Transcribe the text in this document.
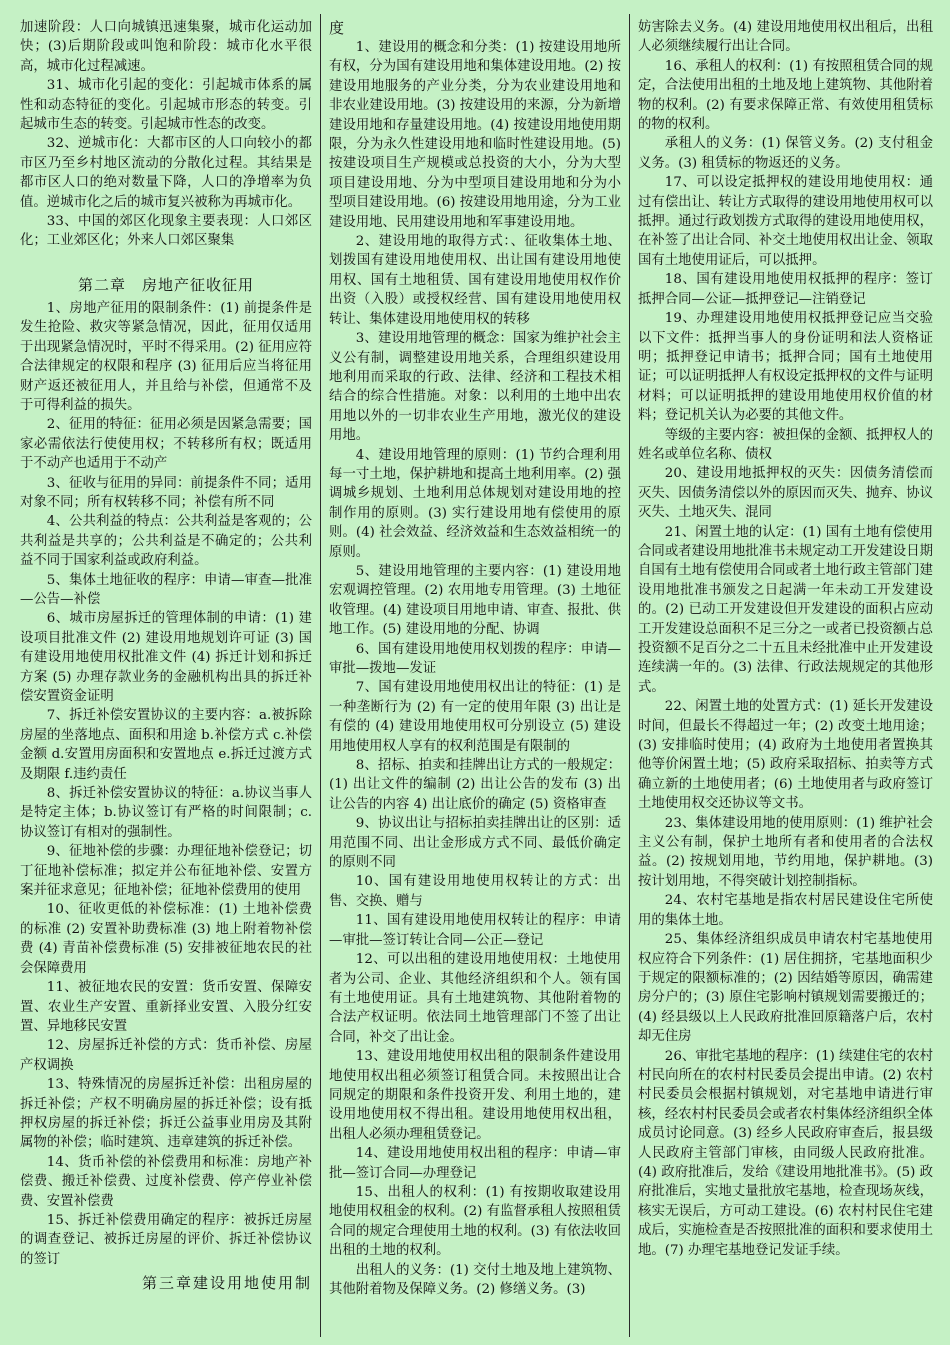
加速阶段：人口向城镇迅速集聚，城市化运动加快；(3)后期阶段或叫饱和阶段：城市化水平很高，城市化过程减速。

31、城市化引起的变化：引起城市体系的属性和动态特征的变化。引起城市形态的转变。引起城市生态的转变。引起城市性态的改变。

32、逆城市化：大都市区的人口向较小的都市区乃至乡村地区流动的分散化过程。其结果是都市区人口的绝对数量下降，人口的净增率为负值。逆城市化之后的城市复兴被称为再城市化。

33、中国的郊区化现象主要表现：人口郊区化；工业郊区化；外来人口郊区聚集

第二章　房地产征收征用

1、房地产征用的限制条件：(1) 前提条件是发生抢险、救灾等紧急情况，因此，征用仅适用于出现紧急情况时，平时不得采用。(2) 征用应符合法律规定的权限和程序 (3) 征用后应当将征用财产返还被征用人，并且给与补偿，但通常不及于可得利益的损失。

2、征用的特征：征用必须是因紧急需要；国家必需依法行使使用权；不转移所有权；既适用于不动产也适用于不动产

3、征收与征用的异同：前提条件不同；适用对象不同；所有权转移不同；补偿有所不同

4、公共利益的特点：公共利益是客观的；公共利益是共享的；公共利益是不确定的；公共利益不同于国家利益或政府利益。

5、集体土地征收的程序：申请—审查—批准—公告—补偿

6、城市房屋拆迁的管理体制的申请：(1) 建设项目批准文件 (2) 建设用地规划许可证 (3) 国有建设用地使用权批准文件 (4) 拆迁计划和拆迁方案 (5) 办理存款业务的金融机构出具的拆迁补偿安置资金证明

7、拆迁补偿安置协议的主要内容：a.被拆除房屋的坐落地点、面积和用途 b.补偿方式 c.补偿金额 d.安置用房面积和安置地点 e.拆迁过渡方式及期限 f.违约责任

8、拆迁补偿安置协议的特征：a.协议当事人是特定主体；b.协议签订有严格的时间限制；c.协议签订有相对的强制性。

9、征地补偿的步骤：办理征地补偿登记；切丁征地补偿标准；拟定并公布征地补偿、安置方案并征求意见；征地补偿；征地补偿费用的使用

10、征收更低的补偿标准：(1) 土地补偿费的标准 (2) 安置补助费标准 (3) 地上附着物补偿费 (4) 青苗补偿费标准 (5) 安排被征地农民的社会保障费用

11、被征地农民的安置：货币安置、保障安置、农业生产安置、重新择业安置、入股分红安置、异地移民安置

12、房屋拆迁补偿的方式：货币补偿、房屋产权调换

13、特殊情况的房屋拆迁补偿：出租房屋的拆迁补偿；产权不明确房屋的拆迁补偿；设有抵押权房屋的拆迁补偿；拆迁公益事业用房及其附属物的补偿；临时建筑、违章建筑的拆迁补偿。

14、货币补偿的补偿费用和标准：房地产补偿费、搬迁补偿费、过度补偿费、停产停业补偿费、安置补偿费

15、拆迁补偿费用确定的程序：被拆迁房屋的调查登记、被拆迁房屋的评价、拆迁补偿协议的签订

第三章建设用地使用制
度

1、建设用的概念和分类：(1) 按建设用地所有权，分为国有建设用地和集体建设用地。(2) 按建设用地服务的产业分类，分为农业建设用地和非农业建设用地。(3) 按建设用的来源，分为新增建设用地和存量建设用地。(4) 按建设用地使用期限，分为永久性建设用地和临时性建设用地。(5) 按建设项目生产规模或总投资的大小，分为大型项目建设用地、分为中型项目建设用地和分为小型项目建设用地。(6) 按建设用地用途，分为工业建设用地、民用建设用地和军事建设用地。

2、建设用地的取得方式：、征收集体土地、划拨国有建设用地使用权、出让国有建设用地使用权、国有土地租赁、国有建设用地使用权作价出资（入股）或授权经营、国有建设用地使用权转让、集体建设用地使用权的转移

3、建设用地管理的概念：国家为维护社会主义公有制，调整建设用地关系，合理组织建设用地利用而采取的行政、法律、经济和工程技术相结合的综合性措施。对象：以利用的土地中出农用地以外的一切非农业生产用地，激光仪的建设用地。

4、建设用地管理的原则：(1) 节约合理利用每一寸土地，保护耕地和提高土地利用率。(2) 强调城乡规划、土地利用总体规划对建设用地的控制作用的原则。(3) 实行建设用地有偿使用的原则。(4) 社会效益、经济效益和生态效益相统一的原则。

5、建设用地管理的主要内容：(1) 建设用地宏观调控管理。(2) 农用地专用管理。(3) 土地征收管理。(4) 建设项目用地申请、审查、报批、供地工作。(5) 建设用地的分配、协调

6、国有建设用地使用权划拨的程序：申请—审批—拨地—发证

7、国有建设用地使用权出让的特征：(1) 是一种垄断行为 (2) 有一定的使用年限 (3) 出让是有偿的 (4) 建设用地使用权可分别设立 (5) 建设用地使用权人享有的权利范围是有限制的

8、招标、拍卖和挂牌出让方式的一般规定：(1) 出让文件的编制 (2) 出让公告的发布 (3) 出让公告的内容 4) 出让底价的确定 (5) 资格审查

9、协议出让与招标拍卖挂牌出让的区别：适用范围不同、出让金形成方式不同、最低价确定的原则不同

10、国有建设用地使用权转让的方式：出售、交换、赠与

11、国有建设用地使用权转让的程序：申请—审批—签订转让合同—公正—登记

12、可以出租的建设用地使用权：土地使用者为公司、企业、其他经济组织和个人。领有国有土地使用证。具有土地建筑物、其他附着物的合法产权证明。依法同土地管理部门不签了出让合同，补交了出让金。

13、建设用地使用权出租的限制条件建设用地使用权出租必须签订租赁合同。未按照出让合同规定的期限和条件投资开发、利用土地的，建设用地使用权不得出租。建设用地使用权出租，出租人必须办理租赁登记。

14、建设用地使用权出租的程序：申请—审批—签订合同—办理登记

15、出租人的权利：(1) 有按期收取建设用地使用权租金的权利。(2) 有监督承租人按照租赁合同的规定合理使用土地的权利。(3) 有依法收回出租的土地的权利。

出租人的义务：(1) 交付土地及地上建筑物、其他附着物及保障义务。(2) 修缮义务。(3)

妨害除去义务。(4) 建设用地使用权出租后，出租人必须继续履行出让合同。

16、承租人的权利：(1) 有按照租赁合同的规定，合法使用出租的土地及地上建筑物、其他附着物的权利。(2) 有要求保障正常、有效使用租赁标的物的权利。

承租人的义务：(1) 保管义务。(2) 支付租金义务。(3) 租赁标的物返还的义务。

17、可以设定抵押权的建设用地使用权：通过有偿出让、转让方式取得的建设用地使用权可以抵押。通过行政划拨方式取得的建设用地使用权，在补签了出让合同、补交土地使用权出让金、领取国有土地使用证后，可以抵押。

18、国有建设用地使用权抵押的程序：签订抵押合同—公证—抵押登记—注销登记

19、办理建设用地使用权抵押登记应当交验以下文件：抵押当事人的身份证明和法人资格证明；抵押登记申请书；抵押合同；国有土地使用证；可以证明抵押人有权设定抵押权的文件与证明材料；可以证明抵押的建设用地使用权价值的材料；登记机关认为必要的其他文件。

等级的主要内容：被担保的金额、抵押权人的姓名或单位名称、债权

20、建设用地抵押权的灭失：因债务清偿而灭失、因债务清偿以外的原因而灭失、抛弃、协议灭失、土地灭失、混同

21、闲置土地的认定：(1) 国有土地有偿使用合同或者建设用地批准书未规定动工开发建设日期自国有土地有偿使用合同或者土地行政主管部门建设用地批准书颁发之日起满一年未动工开发建设的。(2) 已动工开发建设但开发建设的面积占应动工开发建设总面积不足三分之一或者已投资额占总投资额不足百分之二十五且未经批准中止开发建设连续满一年的。(3) 法律、行政法规规定的其他形式。

22、闲置土地的处置方式：(1) 延长开发建设时间，但最长不得超过一年；(2) 改变土地用途；(3) 安排临时使用；(4) 政府为土地使用者置换其他等价闲置土地；(5) 政府采取招标、拍卖等方式确立新的土地使用者；(6) 土地使用者与政府签订土地使用权交还协议等文书。

23、集体建设用地的使用原则：(1) 维护社会主义公有制，保护土地所有者和使用者的合法权益。(2) 按规划用地，节约用地，保护耕地。(3) 按计划用地，不得突破计划控制指标。

24、农村宅基地是指农村居民建设住宅所使用的集体土地。

25、集体经济组织成员申请农村宅基地使用权应符合下列条件：(1) 居住拥挤，宅基地面积少于规定的限额标准的；(2) 因结婚等原因，确需建房分户的；(3) 原住宅影响村镇规划需要搬迁的；(4) 经县级以上人民政府批准回原籍落户后，农村却无住房

26、审批宅基地的程序：(1) 续建住宅的农村村民向所在的农村村民委员会提出申请。(2) 农村村民委员会根据村镇规划，对宅基地申请进行审核，经农村村民委员会或者农村集体经济组织全体成员讨论同意。(3) 经乡人民政府审查后，报县级人民政府主管部门审核，由同级人民政府批准。(4) 政府批准后，发给《建设用地批准书》。(5) 政府批准后，实地丈量批放宅基地，检查现场灰线，核实无误后，方可动工建设。(6) 农村村民住宅建成后，实施检查是否按照批准的面积和要求使用土地。(7) 办理宅基地登记发证手续。
